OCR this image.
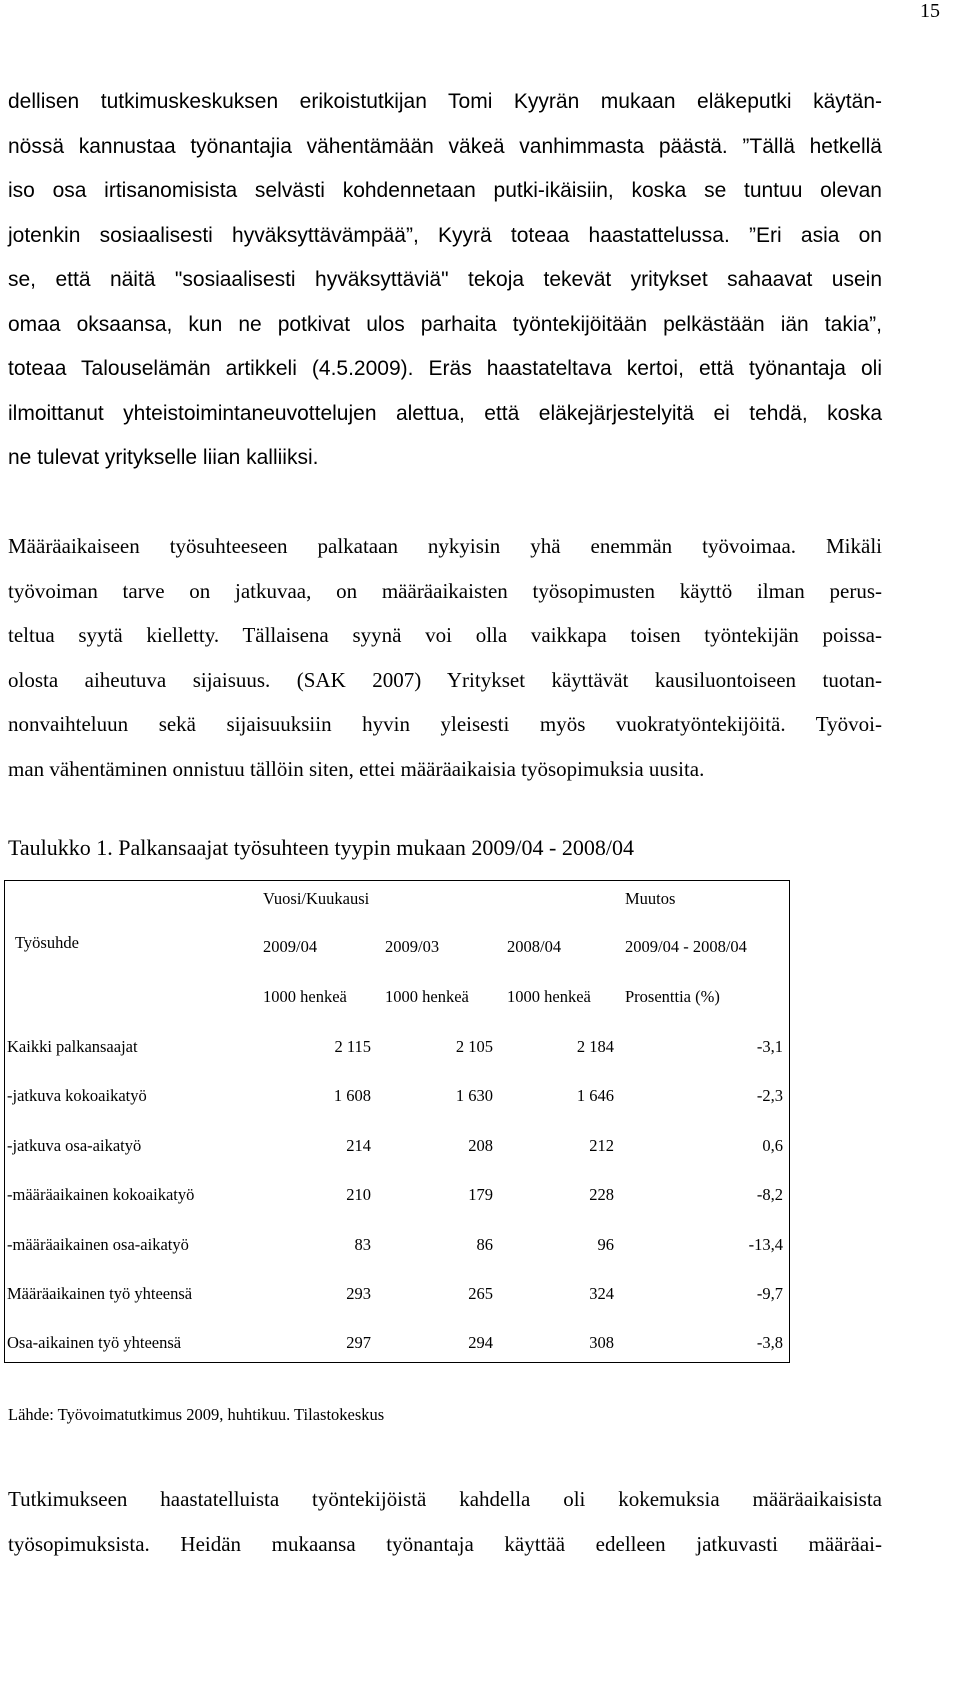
15
dellisen tutkimuskeskuksen erikoistutkijan Tomi Kyyrän mukaan eläkeputki käytän-
nössä kannustaa työnantajia vähentämään väkeä vanhimmasta päästä. ”Tällä hetkellä
iso osa irtisanomisista selvästi kohdennetaan putki-ikäisiin, koska se tuntuu olevan
jotenkin sosiaalisesti hyväksyttävämpää”, Kyyrä toteaa haastattelussa. ”Eri asia on
se, että näitä "sosiaalisesti hyväksyttäviä" tekoja tekevät yritykset sahaavat usein
omaa oksaansa, kun ne potkivat ulos parhaita työntekijöitään pelkästään iän takia”,
toteaa Talouselämän artikkeli (4.5.2009). Eräs haastateltava kertoi, että työnantaja oli
ilmoittanut yhteistoimintaneuvottelujen alettua, että eläkejärjestelyitä ei tehdä, koska
ne tulevat yritykselle liian kalliiksi.
Määräaikaiseen työsuhteeseen palkataan nykyisin yhä enemmän työvoimaa. Mikäli
työvoiman tarve on jatkuvaa, on määräaikaisten työsopimusten käyttö ilman perus-
teltua syytä kielletty. Tällaisena syynä voi olla vaikkapa toisen työntekijän poissa-
olosta aiheutuva sijaisuus. (SAK 2007) Yritykset käyttävät kausiluontoiseen tuotan-
nonvaihteluun sekä sijaisuuksiin hyvin yleisesti myös vuokratyöntekijöitä. Työvoi-
man vähentäminen onnistuu tällöin siten, ettei määräaikaisia työsopimuksia uusita.
Taulukko 1. Palkansaajat työsuhteen tyypin mukaan 2009/04 - 2008/04
Vuosi/Kuukausi	Muutos
Työsuhde	2009/04	2009/03	2008/04	2009/04 - 2008/04
1000 henkeä 1000 henkeä 1000 henkeä Prosenttia (%)
Kaikki palkansaajat	2 115	2 105	2 184	-3,1
-jatkuva kokoaikatyö	1 608	1 630	1 646	-2,3
-jatkuva osa-aikatyö	214	208	212	0,6
-määräaikainen kokoaikatyö	210	179	228	-8,2
-määräaikainen osa-aikatyö	83	86	96	-13,4
Määräaikainen työ yhteensä	293	265	324	-9,7
Osa-aikainen työ yhteensä	297	294	308	-3,8
Lähde: Työvoimatutkimus 2009, huhtikuu. Tilastokeskus
Tutkimukseen haastatelluista työntekijöistä kahdella oli kokemuksia määräaikaisista
työsopimuksista. Heidän mukaansa työnantaja käyttää edelleen jatkuvasti määräai-
